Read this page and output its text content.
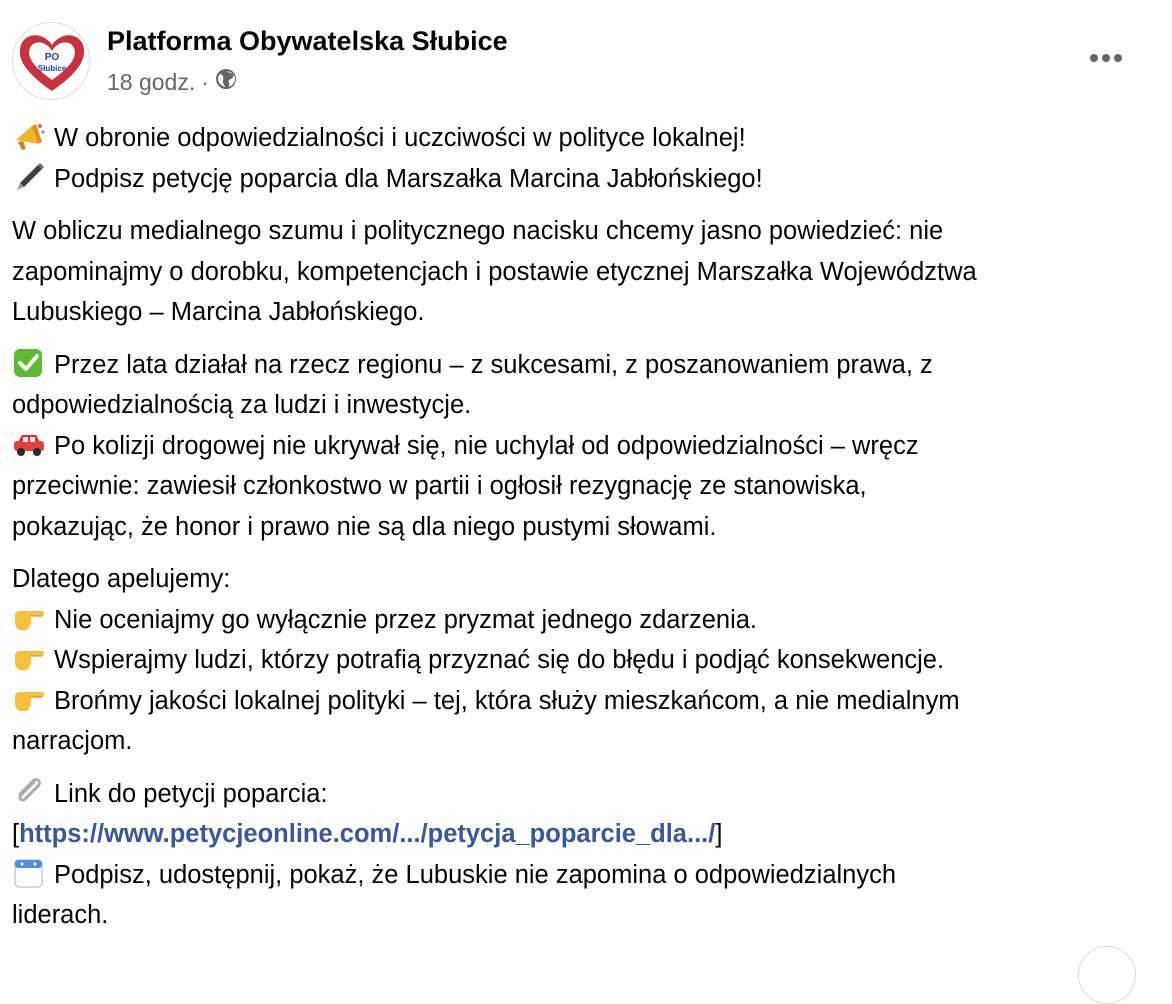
PO
Słubice
Platforma Obywatelska Słubice
18 godz. ·
W obronie odpowiedzialności i uczciwości w polityce lokalnej!
Podpisz petycję poparcia dla Marszałka Marcina Jabłońskiego!
W obliczu medialnego szumu i politycznego nacisku chcemy jasno powiedzieć: nie
zapominajmy o dorobku, kompetencjach i postawie etycznej Marszałka Województwa
Lubuskiego – Marcina Jabłońskiego.
Przez lata działał na rzecz regionu – z sukcesami, z poszanowaniem prawa, z
odpowiedzialnością za ludzi i inwestycje.
Po kolizji drogowej nie ukrywał się, nie uchylał od odpowiedzialności – wręcz
przeciwnie: zawiesił członkostwo w partii i ogłosił rezygnację ze stanowiska,
pokazując, że honor i prawo nie są dla niego pustymi słowami.
Dlatego apelujemy:
Nie oceniajmy go wyłącznie przez pryzmat jednego zdarzenia.
Wspierajmy ludzi, którzy potrafią przyznać się do błędu i podjąć konsekwencje.
Brońmy jakości lokalnej polityki – tej, która służy mieszkańcom, a nie medialnym
narracjom.
Link do petycji poparcia:
[https://www.petycjeonline.com/.../petycja_poparcie_dla.../]
Podpisz, udostępnij, pokaż, że Lubuskie nie zapomina o odpowiedzialnych
liderach.
